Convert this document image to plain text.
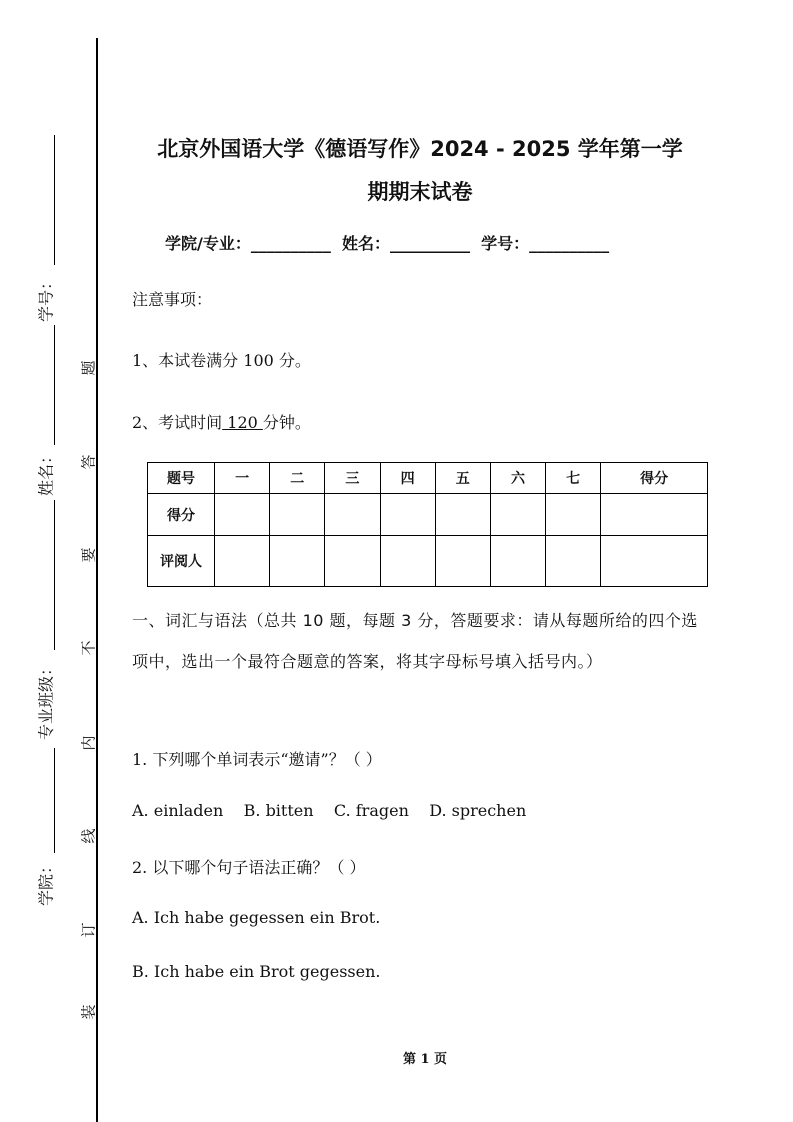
学号：
姓名：
专业班级：
学院：
题
答
要
不
内
线
订
装
北京外国语大学《德语写作》2024 - 2025 学年第一学
期期末试卷
学院/专业：__________ 姓名：__________ 学号：__________
注意事项：
1、本试卷满分 100 分。
2、考试时间 120 分钟。
题号	一	二	三	四	五	六	七	得分
得分								
评阅人								
一、词汇与语法（总共 10 题，每题 3 分，答题要求：请从每题所给的四个选项中，选出一个最符合题意的答案，将其字母标号填入括号内。）
1. 下列哪个单词表示“邀请”？（ ）
A. einladen    B. bitten    C. fragen    D. sprechen
2. 以下哪个句子语法正确？（ ）
A. Ich habe gegessen ein Brot.
B. Ich habe ein Brot gegessen.
第 1 页
